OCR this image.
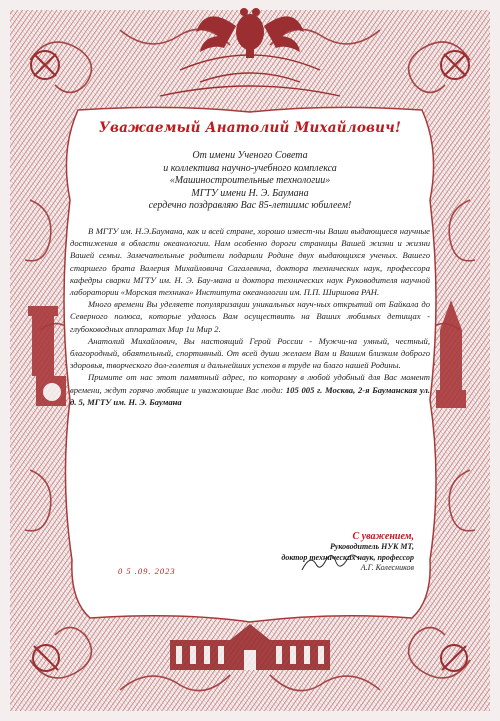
Уважаемый Анатолий Михайлович!
От имени Ученого Совета
и коллектива научно-учебного комплекса
«Машиностроительные технологии»
МГТУ имени Н. Э. Баумана
сердечно поздравляю Вас 85-летиимс юбилеем!

В МГТУ им. Н.Э.Баумана, как и всей стране, хорошо извест-ны Ваши выдающиеся научные достижения в области океанологии. Нам особенно дороги страницы Вашей жизни и жизни Вашей семьи. Замечательные родители подарили Родине двух выдающихся ученых. Вашего старшего брата Валерия Михайловича Сагалевича, доктора технических наук, профессора кафедры сварки МГТУ им. Н. Э. Бау-мана и доктора технических наук Руководителя научной лаборатории «Морская техника» Института океанологии им. П.П. Ширшова РАН.

Много времени Вы уделяете популяризации уникальных науч-ных открытий от Байкала до Северного полюса, которые удалось Вам осуществить на Ваших любимых детищах - глубоководных аппаратах Мир 1и Мир 2.

Анатолий Михайлович, Вы настоящий Герой России - Мужчи-на умный, честный, благородный, обаятельный, спортивный. От всей души желаем Вам и Вашим близким доброго здоровья, творческого дол-голетия и дальнейших успехов в труде на благо нашей Родины.

Примите от нас этот памятный адрес, по которому в любой удобный для Вас момент времени, ждут горячо любящие и уважающие Вас люди: 105 005 г. Москва, 2-я Бауманская ул. д. 5, МГТУ им. Н. Э. Баумана

0 5 .09. 2023
С уважением,
Руководитель НУК МТ,
доктор технических наук, профессор
А.Г. Колесников
